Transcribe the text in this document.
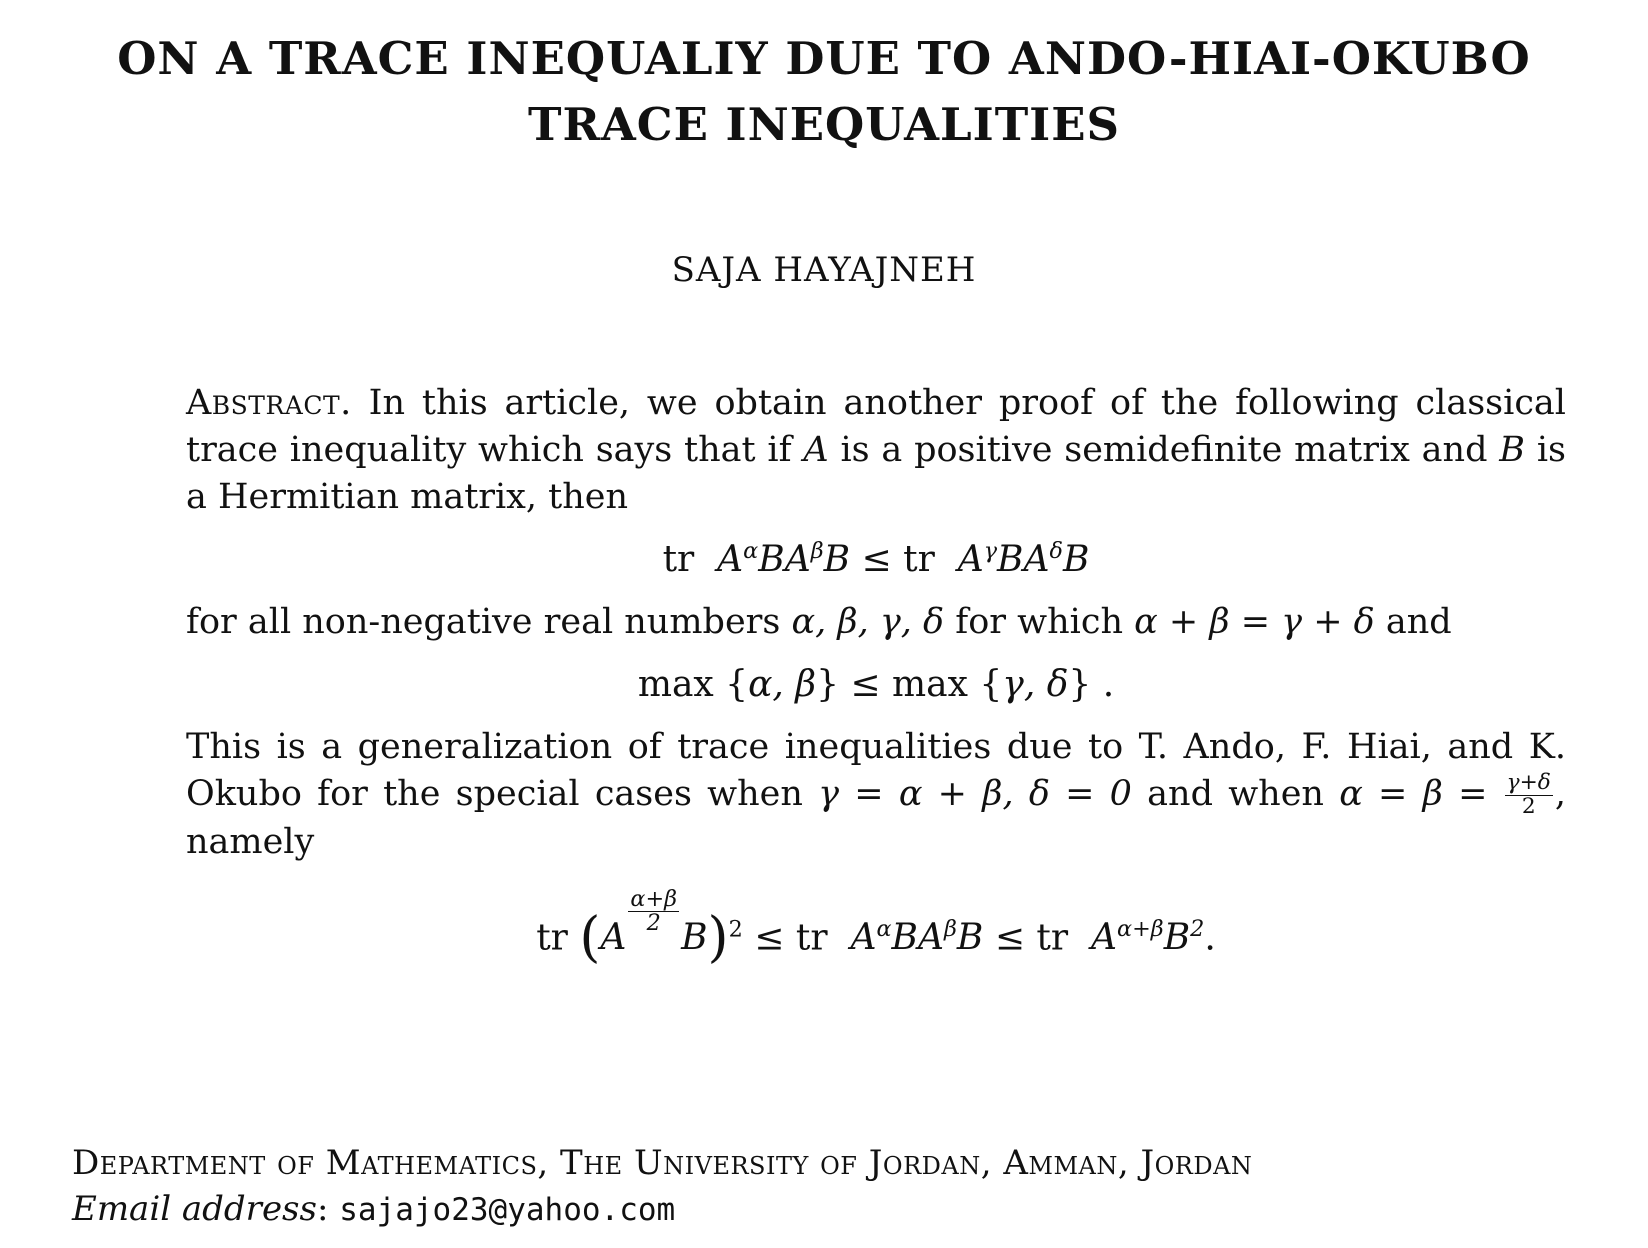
ON A TRACE INEQUALIY DUE TO ANDO-HIAI-OKUBO
TRACE INEQUALITIES
SAJA HAYAJNEH

Abstract. In this article, we obtain another proof of the following classical trace inequality which says that if A is a positive semidefinite matrix and B is a Hermitian matrix, then

tr $A^\alpha BA^\beta B$ ≤ tr $A^\gamma BA^\delta B$

for all non-negative real numbers α, β, γ, δ for which α + β = γ + δ and

max {α, β} ≤ max {γ, δ} .

This is a generalization of trace inequalities due to T. Ando, F. Hiai, and K. Okubo for the special cases when γ = α + β, δ = 0 and when $\alpha = \beta = \frac{\gamma+\delta}{2}$ , namely

tr (A
$^{\frac{\alpha+\beta}{2}}$
B)$^2$ ≤ tr $A^\alpha BA^\beta B$ ≤ tr $A^{\alpha+\beta}B^2$.
Department of Mathematics, The University of Jordan, Amman, Jordan
Email address: sajajo23@yahoo.com
